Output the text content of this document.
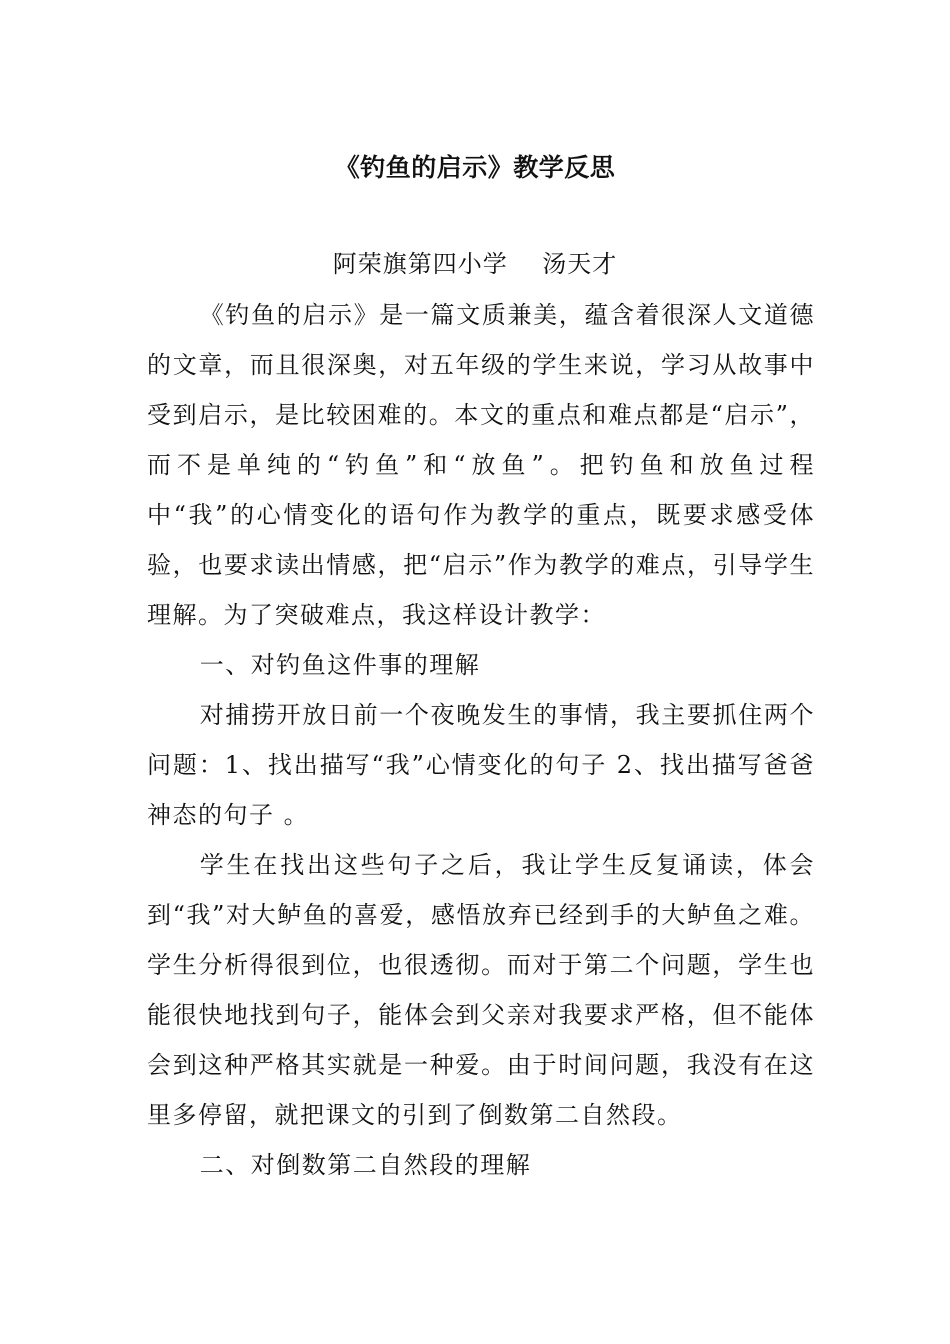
《钓鱼的启示》教学反思
阿荣旗第四小学    汤天才

《钓鱼的启示》是一篇文质兼美，蕴含着很深人文道德的文章，而且很深奥，对五年级的学生来说，学习从故事中受到启示，是比较困难的。本文的重点和难点都是“启示”，而不是单纯的“钓鱼”和“放鱼”。把钓鱼和放鱼过程中“我”的心情变化的语句作为教学的重点，既要求感受体验，也要求读出情感，把“启示”作为教学的难点，引导学生理解。为了突破难点，我这样设计教学：

一、对钓鱼这件事的理解

对捕捞开放日前一个夜晚发生的事情，我主要抓住两个问题：1、找出描写“我”心情变化的句子 2、找出描写爸爸神态的句子 。

学生在找出这些句子之后，我让学生反复诵读，体会到“我”对大鲈鱼的喜爱，感悟放弃已经到手的大鲈鱼之难。学生分析得很到位，也很透彻。而对于第二个问题，学生也能很快地找到句子，能体会到父亲对我要求严格，但不能体会到这种严格其实就是一种爱。由于时间问题，我没有在这里多停留，就把课文的引到了倒数第二自然段。

二、对倒数第二自然段的理解
